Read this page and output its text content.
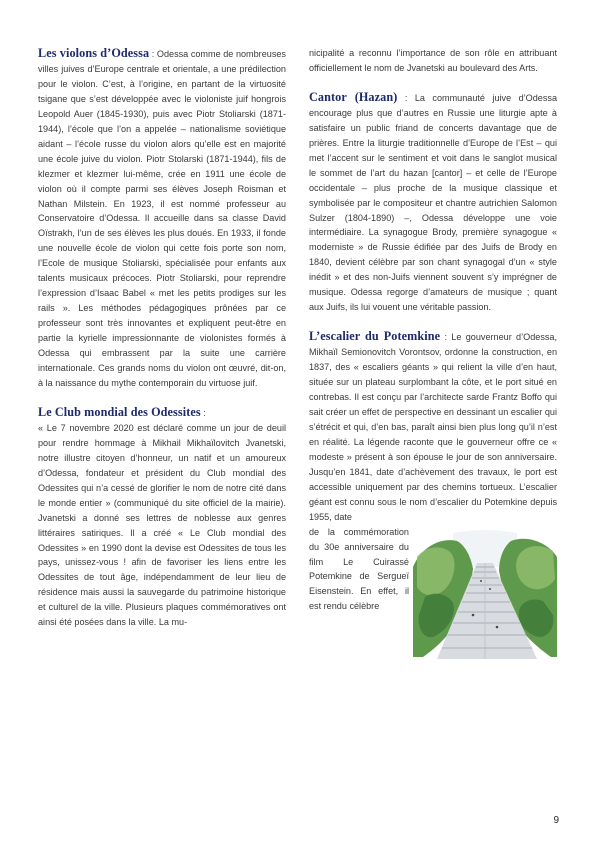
Les violons d’Odessa : Odessa comme de nombreuses villes juives d’Europe centrale et orientale, a une prédilection pour le violon. C’est, à l’origine, en partant de la virtuosité tsigane que s’est développée avec le violoniste juif hongrois Leopold Auer (1845-1930), puis avec Piotr Stoliarski (1871-1944), l’école que l’on a appelée – nationalisme soviétique aidant – l’école russe du violon alors qu’elle est en majorité une école juive du violon. Piotr Stolarski (1871-1944), fils de klezmer et klezmer lui-même, crée en 1911 une école de violon où il compte parmi ses élèves Joseph Roisman et Nathan Milstein. En 1923, il est nommé professeur au Conservatoire d’Odessa. Il accueille dans sa classe David Oïstrakh, l’un de ses élèves les plus doués. En 1933, il fonde une nouvelle école de violon qui cette fois porte son nom, l’Ecole de musique Stoliarski, spécialisée pour enfants aux talents musicaux précoces. Piotr Stoliarski, pour reprendre l’expression d’Isaac Babel « met les petits prodiges sur les rails ». Les méthodes pédagogiques prônées par ce professeur sont très innovantes et expliquent peut-être en partie la kyrielle impressionnante de violonistes formés à Odessa qui embrassent par la suite une carrière internationale. Ces grands noms du violon ont œuvré, dit-on, à la naissance du mythe contemporain du virtuose juif.

Le Club mondial des Odessites :

« Le 7 novembre 2020 est déclaré comme un jour de deuil pour rendre hommage à Mikhail Mikhaïlovitch Jvanetski, notre illustre citoyen d’honneur, un natif et un amoureux d’Odessa, fondateur et président du Club mondial des Odessites qui n’a cessé de glorifier le nom de notre cité dans le monde entier » (communiqué du site officiel de la mairie). Jvanetski a donné ses lettres de noblesse aux genres littéraires satiriques. Il a créé « Le Club mondial des Odessites » en 1990 dont la devise est Odessites de tous les pays, unissez-vous ! afin de favoriser les liens entre les Odessites de tout âge, indépendamment de leur lieu de résidence mais aussi la sauvegarde du patrimoine historique et culturel de la ville. Plusieurs plaques commémoratives ont ainsi été posées dans la ville. La mu-

nicipalité a reconnu l’importance de son rôle en attribuant officiellement le nom de Jvanetski au boulevard des Arts.

Cantor (Hazan) : La communauté juive d’Odessa encourage plus que d’autres en Russie une liturgie apte à satisfaire un public friand de concerts davantage que de prières. Entre la liturgie traditionnelle d’Europe de l’Est – qui met l’accent sur le sentiment et voit dans le sanglot musical le sommet de l’art du hazan [cantor] – et celle de l’Europe occidentale – plus proche de la musique classique et symbolisée par le compositeur et chantre autrichien Salomon Sulzer (1804-1890) –, Odessa développe une voie intermédiaire. La synagogue Brody, première synagogue « moderniste » de Russie édifiée par des Juifs de Brody en 1840, devient célèbre par son chant synagogal d’un « style inédit » et des non-Juifs viennent souvent s’y imprégner de musique. Odessa regorge d’amateurs de musique ; quant aux Juifs, ils lui vouent une véritable passion.

L’escalier du Potemkine : Le gouverneur d’Odessa, Mikhaïl Semionovitch Vorontsov, ordonne la construction, en 1837, des « escaliers géants » qui relient la ville d’en haut, située sur un plateau surplombant la côte, et le port situé en contrebas. Il est conçu par l’architecte sarde Frantz Boffo qui sait créer un effet de perspective en dessinant un escalier qui s’étrécit et qui, d’en bas, paraît ainsi bien plus long qu’il n’est en réalité. La légende raconte que le gouverneur offre ce « modeste » présent à son épouse le jour de son anniversaire. Jusqu’en 1841, date d’achèvement des travaux, le port est accessible uniquement par des chemins tortueux. L’escalier géant est connu sous le nom d’escalier du Potemkine depuis 1955, date

de la commémoration du 30e anniversaire du film Le Cuirassé Potemkine de Sergueï Eisenstein. En effet, il est rendu célèbre

9
